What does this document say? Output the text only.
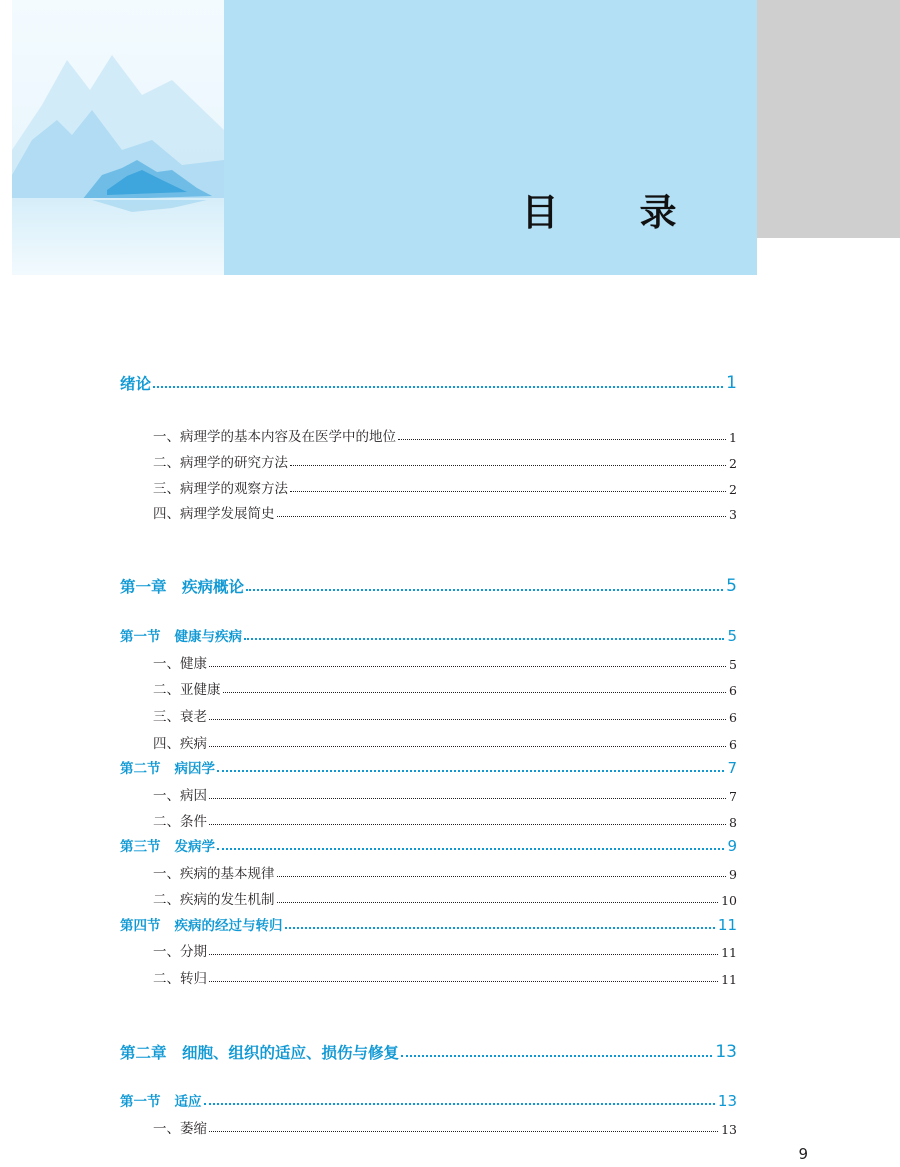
目　录
绪论	1
一、病理学的基本内容及在医学中的地位	1
二、病理学的研究方法	2
三、病理学的观察方法	2
四、病理学发展简史	3
第一章　疾病概论	5
第一节 健康与疾病	5
一、健康	5
二、亚健康	6
三、衰老	6
四、疾病	6
第二节 病因学	7
一、病因	7
二、条件	8
第三节 发病学	9
一、疾病的基本规律	9
二、疾病的发生机制	10
第四节 疾病的经过与转归	11
一、分期	11
二、转归	11
第二章　细胞、组织的适应、损伤与修复	13
第一节 适应	13
一、萎缩	13
9
